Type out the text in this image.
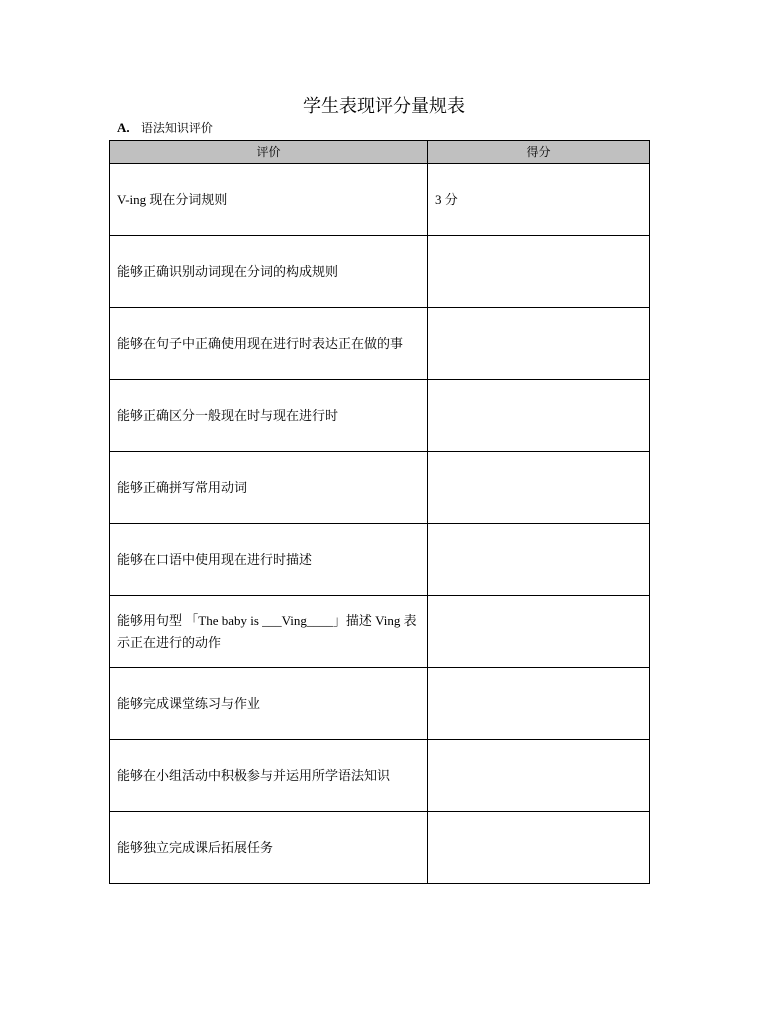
学生表现评分量规表
A. 语法知识评价
评价	得分
V-ing 现在分词规则	3 分
能够正确识别动词现在分词的构成规则	
能够在句子中正确使用现在进行时表达正在做的事	
能够正确区分一般现在时与现在进行时	
能够正确拼写常用动词	
能够在口语中使用现在进行时描述	
能够用句型 「The baby is ___Ving____」描述 Ving 表示正在进行的动作	
能够完成课堂练习与作业	
能够在小组活动中积极参与并运用所学语法知识	
能够独立完成课后拓展任务	
